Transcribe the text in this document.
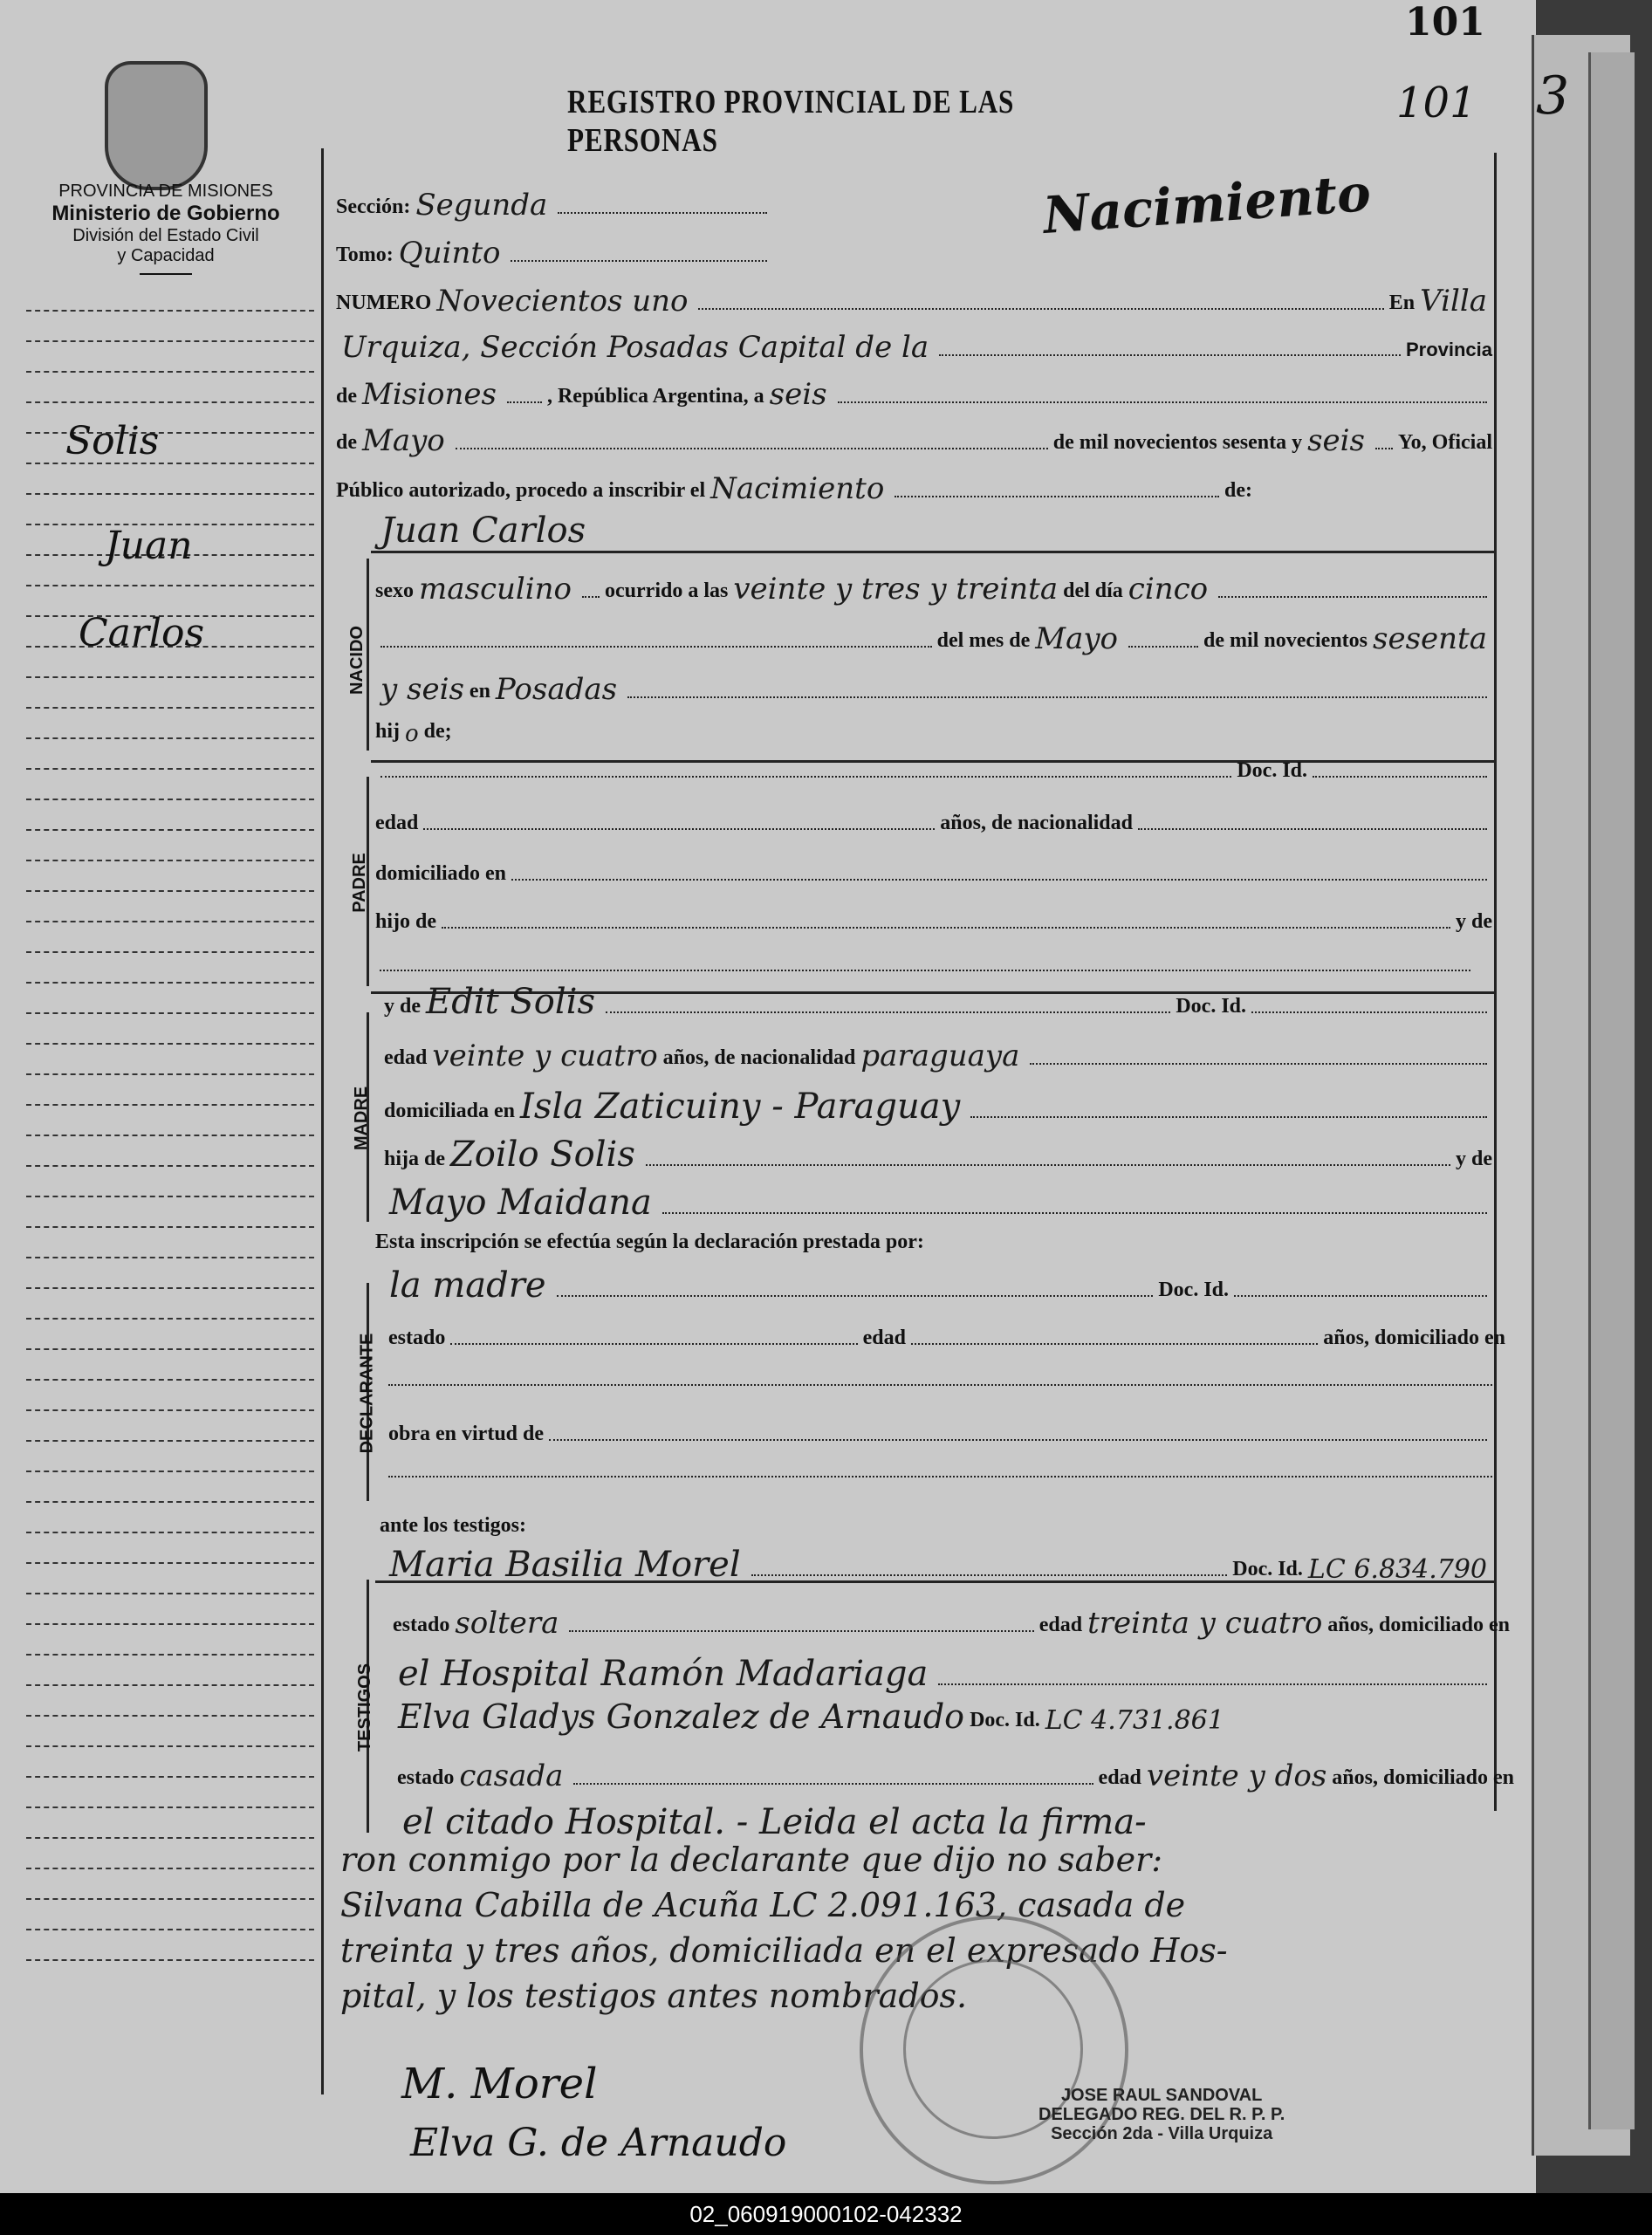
PROVINCIA DE MISIONES
Ministerio de Gobierno
División del Estado Civil
y Capacidad
REGISTRO PROVINCIAL DE LAS PERSONAS
101
101
3
Nacimiento
Solis
Juan
Carlos
Sección: Segunda
Tomo: Quinto
NUMERO Novecientos uno	En Villa
Urquiza, Sección Posadas Capital de la	Provincia
de Misiones , República Argentina, a seis
de Mayo	de mil novecientos sesenta y seis Yo, Oficial
Público autorizado, procedo a inscribir el Nacimiento	de:
Juan Carlos
NACIDO
sexo masculino ocurrido a las veinte y tres y treinta del día cinco
del mes de Mayo	de mil novecientos sesenta
y seis en Posadas
hij o de;
PADRE
Doc. Id.
edad	años, de nacionalidad
domiciliado en
hijo de	y de
MADRE
y de Edit Solis	Doc. Id.
edad veinte y cuatro años, de nacionalidad paraguaya
domiciliada en Isla Zaticuiny - Paraguay
hija de Zoilo Solis	y de
Mayo Maidana
Esta inscripción se efectúa según la declaración prestada por:
DECLARANTE
la madre	Doc. Id.
estado	edad	años, domiciliado en
obra en virtud de
ante los testigos:
TESTIGOS
Maria Basilia Morel	Doc. Id. LC 6.834.790
estado soltera	edad treinta y cuatro años, domiciliado en
el Hospital Ramón Madariaga
Elva Gladys Gonzalez de Arnaudo Doc. Id. LC 4.731.861
estado casada	edad veinte y dos años, domiciliado en
el citado Hospital. - Leida el acta la firma-
ron conmigo por la declarante que dijo no saber:
Silvana Cabilla de Acuña LC 2.091.163, casada de
treinta y tres años, domiciliada en el expresado Hos-
pital, y los testigos antes nombrados.
M. Morel
Elva G. de Arnaudo
JOSE RAUL SANDOVAL
DELEGADO REG. DEL R. P. P.
Sección 2da - Villa Urquiza
02_060919000102-042332
